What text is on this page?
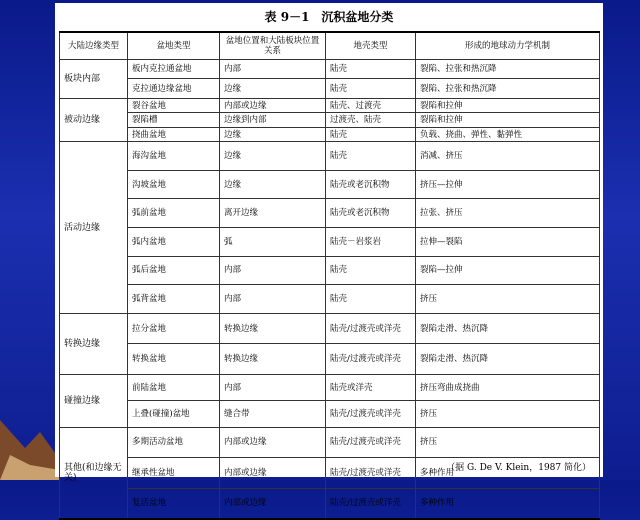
表 9－1　沉积盆地分类
大陆边缘类型	盆地类型	盆地位置和大陆板块位置关系	地壳类型	形成的地球动力学机制
板块内部	板内克拉通盆地	内部	陆壳	裂陷、拉张和热沉降
	克拉通边缘盆地	边缘	陆壳	裂陷、拉张和热沉降
被动边缘	裂谷盆地	内部或边缘	陆壳、过渡壳	裂陷和拉伸
	裂陷槽	边缘到内部	过渡壳、陆壳	裂陷和拉伸
	挠曲盆地	边缘	陆壳	负载、挠曲、弹性、黏弹性
活动边缘	海沟盆地	边缘	陆壳	消减、挤压
	沟坡盆地	边缘	陆壳或老沉积物	挤压—拉伸
	弧前盆地	离开边缘	陆壳或老沉积物	拉张、挤压
	弧内盆地	弧	陆壳－岩浆岩	拉伸—裂陷
	弧后盆地	内部	陆壳	裂陷—拉伸
	弧背盆地	内部	陆壳	挤压
转换边缘	拉分盆地	转换边缘	陆壳/过渡壳或洋壳	裂陷走滑、热沉降
	转换盆地	转换边缘	陆壳/过渡壳或洋壳	裂陷走滑、热沉降
碰撞边缘	前陆盆地	内部	陆壳或洋壳	挤压弯曲成挠曲
	上叠(碰撞)盆地	缝合带	陆壳/过渡壳或洋壳	挤压
其他(和边缘无关)	多期活动盆地	内部或边缘	陆壳/过渡壳或洋壳	挤压
	继承性盆地	内部或边缘	陆壳/过渡壳或洋壳	多种作用
	复活盆地	内部或边缘	陆壳/过渡壳或洋壳	多种作用
（据 G. De V. Klein，1987 简化）
